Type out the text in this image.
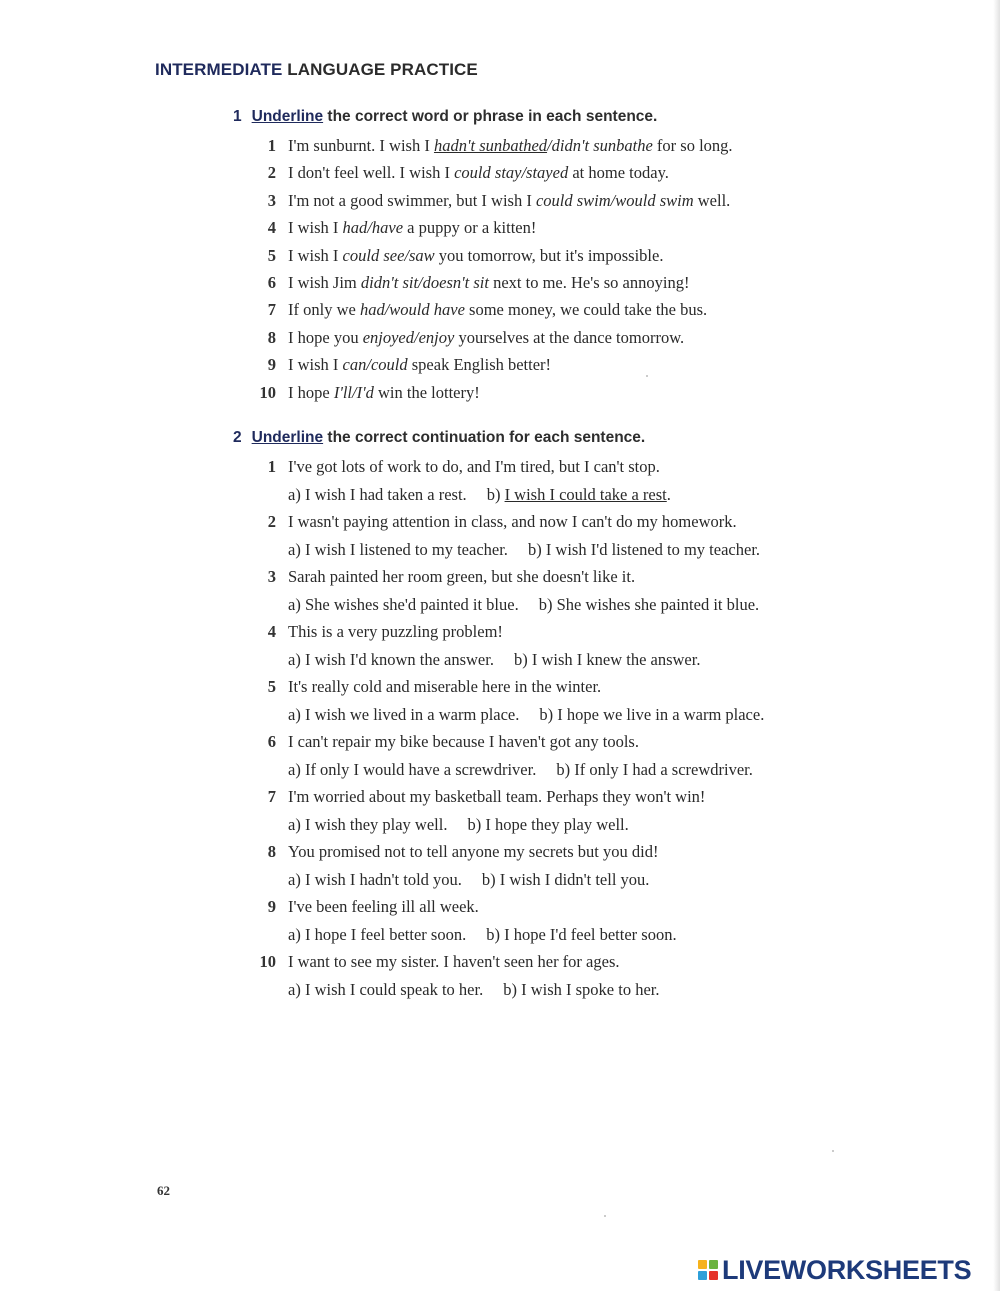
INTERMEDIATE LANGUAGE PRACTICE
1 Underline the correct word or phrase in each sentence.
1 I'm sunburnt. I wish I hadn't sunbathed/didn't sunbathe for so long.
2 I don't feel well. I wish I could stay/stayed at home today.
3 I'm not a good swimmer, but I wish I could swim/would swim well.
4 I wish I had/have a puppy or a kitten!
5 I wish I could see/saw you tomorrow, but it's impossible.
6 I wish Jim didn't sit/doesn't sit next to me. He's so annoying!
7 If only we had/would have some money, we could take the bus.
8 I hope you enjoyed/enjoy yourselves at the dance tomorrow.
9 I wish I can/could speak English better!
10 I hope I'll/I'd win the lottery!
2 Underline the correct continuation for each sentence.
1 I've got lots of work to do, and I'm tired, but I can't stop.
a) I wish I had taken a rest. b) I wish I could take a rest.
2 I wasn't paying attention in class, and now I can't do my homework.
a) I wish I listened to my teacher. b) I wish I'd listened to my teacher.
3 Sarah painted her room green, but she doesn't like it.
a) She wishes she'd painted it blue. b) She wishes she painted it blue.
4 This is a very puzzling problem!
a) I wish I'd known the answer. b) I wish I knew the answer.
5 It's really cold and miserable here in the winter.
a) I wish we lived in a warm place. b) I hope we live in a warm place.
6 I can't repair my bike because I haven't got any tools.
a) If only I would have a screwdriver. b) If only I had a screwdriver.
7 I'm worried about my basketball team. Perhaps they won't win!
a) I wish they play well. b) I hope they play well.
8 You promised not to tell anyone my secrets but you did!
a) I wish I hadn't told you. b) I wish I didn't tell you.
9 I've been feeling ill all week.
a) I hope I feel better soon. b) I hope I'd feel better soon.
10 I want to see my sister. I haven't seen her for ages.
a) I wish I could speak to her. b) I wish I spoke to her.
62
LIVEWORKSHEETS
